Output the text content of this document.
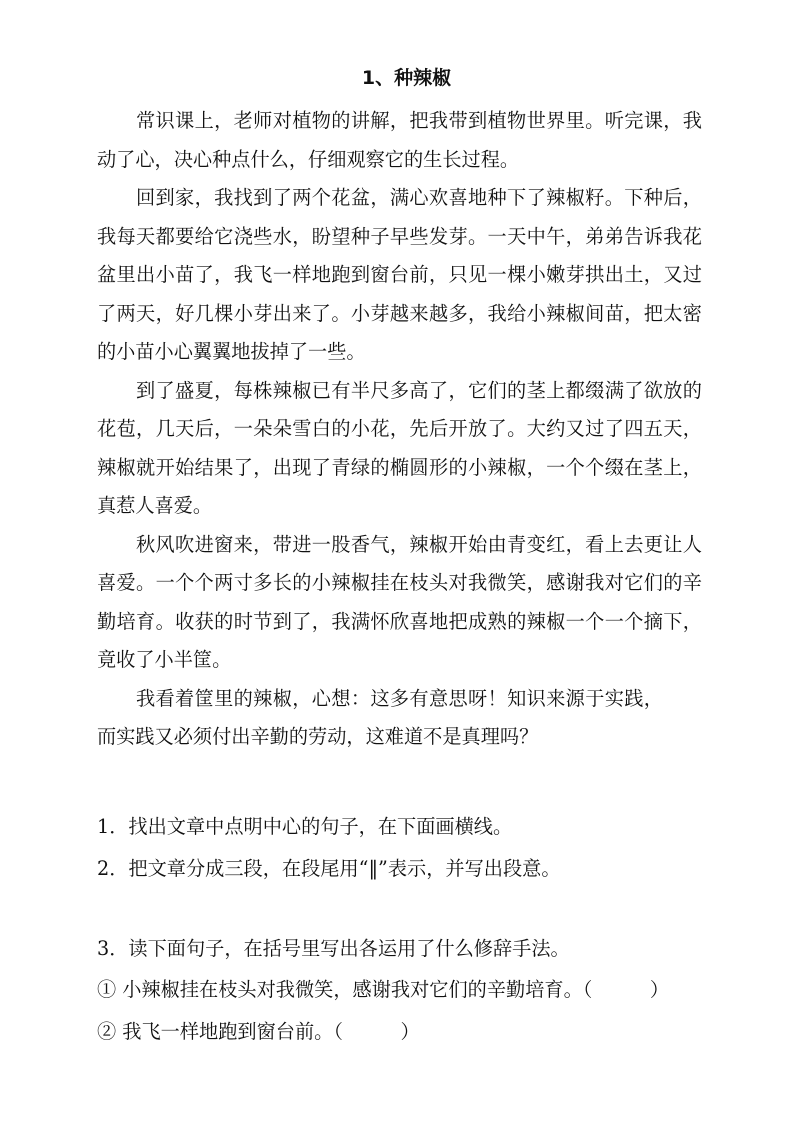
1、种辣椒

常识课上，老师对植物的讲解，把我带到植物世界里。听完课，我动了心，决心种点什么，仔细观察它的生长过程。

回到家，我找到了两个花盆，满心欢喜地种下了辣椒籽。下种后，我每天都要给它浇些水，盼望种子早些发芽。一天中午，弟弟告诉我花盆里出小苗了，我飞一样地跑到窗台前，只见一棵小嫩芽拱出土，又过了两天，好几棵小芽出来了。小芽越来越多，我给小辣椒间苗，把太密的小苗小心翼翼地拔掉了一些。

到了盛夏，每株辣椒已有半尺多高了，它们的茎上都缀满了欲放的花苞，几天后，一朵朵雪白的小花，先后开放了。大约又过了四五天，辣椒就开始结果了，出现了青绿的椭圆形的小辣椒，一个个缀在茎上，真惹人喜爱。

秋风吹进窗来，带进一股香气，辣椒开始由青变红，看上去更让人喜爱。一个个两寸多长的小辣椒挂在枝头对我微笑，感谢我对它们的辛勤培育。收获的时节到了，我满怀欣喜地把成熟的辣椒一个一个摘下，竟收了小半筐。

我看着筐里的辣椒，心想：这多有意思呀！知识来源于实践，而实践又必须付出辛勤的劳动，这难道不是真理吗？

1．找出文章中点明中心的句子，在下面画横线。

2．把文章分成三段，在段尾用“‖”表示，并写出段意。

3．读下面句子，在括号里写出各运用了什么修辞手法。

① 小辣椒挂在枝头对我微笑，感谢我对它们的辛勤培育。（　　　）

② 我飞一样地跑到窗台前。（　　　）
